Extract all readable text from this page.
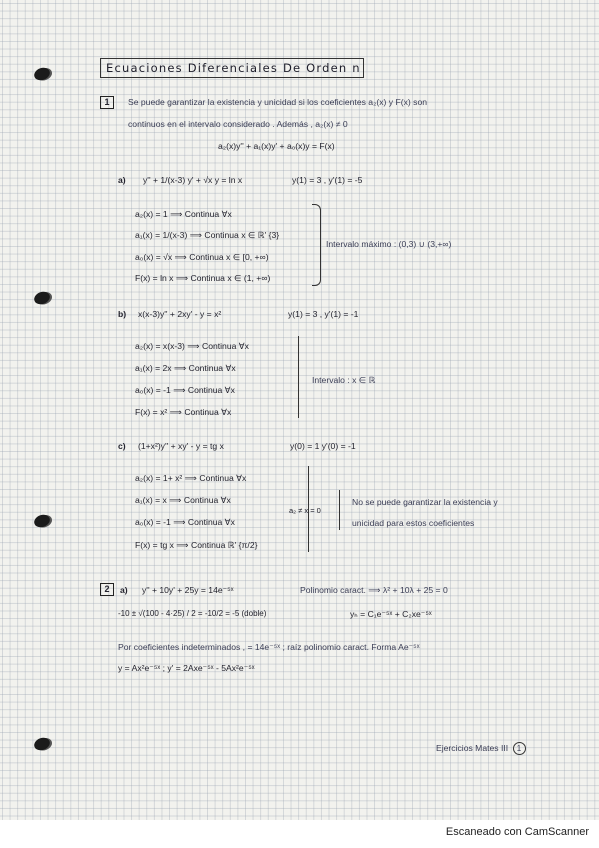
Ecuaciones Diferenciales De Orden n
1	Se puede garantizar la existencia y unicidad si los coeficientes a₂(x) y F(x) son
continuos en el intervalo considerado . Además , a₂(x) ≠ 0
a₂(x)y'' + a₁(x)y' + a₀(x)y = F(x)
a) y'' + 1/(x-3) y' + √x y = ln x	y(1) = 3 , y'(1) = -5
a₂(x) = 1 ⟹ Continua ∀x
a₁(x) = 1/(x-3) ⟹ Continua x ∈ ℝ' {3}
a₀(x) = √x ⟹ Continua x ∈ [0, +∞)
F(x) = ln x ⟹ Continua x ∈ (1, +∞)
Intervalo máximo : (0,3) ∪ (3,+∞)
b) x(x-3)y'' + 2xy' - y = x²	y(1) = 3 , y'(1) = -1
a₂(x) = x(x-3) ⟹ Continua ∀x
a₁(x) = 2x ⟹ Continua ∀x
a₀(x) = -1 ⟹ Continua ∀x
F(x) = x² ⟹ Continua ∀x
Intervalo : x ∈ ℝ
c) (1+x²)y'' + xy' - y = tg x	y(0) = 1 y'(0) = -1
a₂(x) = 1+ x² ⟹ Continua ∀x
a₁(x) = x ⟹ Continua ∀x
a₀(x) = -1 ⟹ Continua ∀x
F(x) = tg x ⟹ Continua ℝ' {π/2}
a₂ ≠ x = 0
No se puede garantizar la existencia y
unicidad para estos coeficientes
2	a) y'' + 10y' + 25y = 14e⁻⁵ˣ	Polinomio caract. ⟹ λ² + 10λ + 25 = 0
-10 ± √(100 - 4·25) / 2 = -10/2 = -5 (doble)	yₕ = C₁e⁻⁵ˣ + C₂xe⁻⁵ˣ
Por coeficientes indeterminados , = 14e⁻⁵ˣ ; raíz polinomio caract. Forma Ae⁻⁵ˣ
y = Ax²e⁻⁵ˣ ; y' = 2Axe⁻⁵ˣ - 5Ax²e⁻⁵ˣ
Ejercicios Mates III 1
Escaneado con CamScanner
